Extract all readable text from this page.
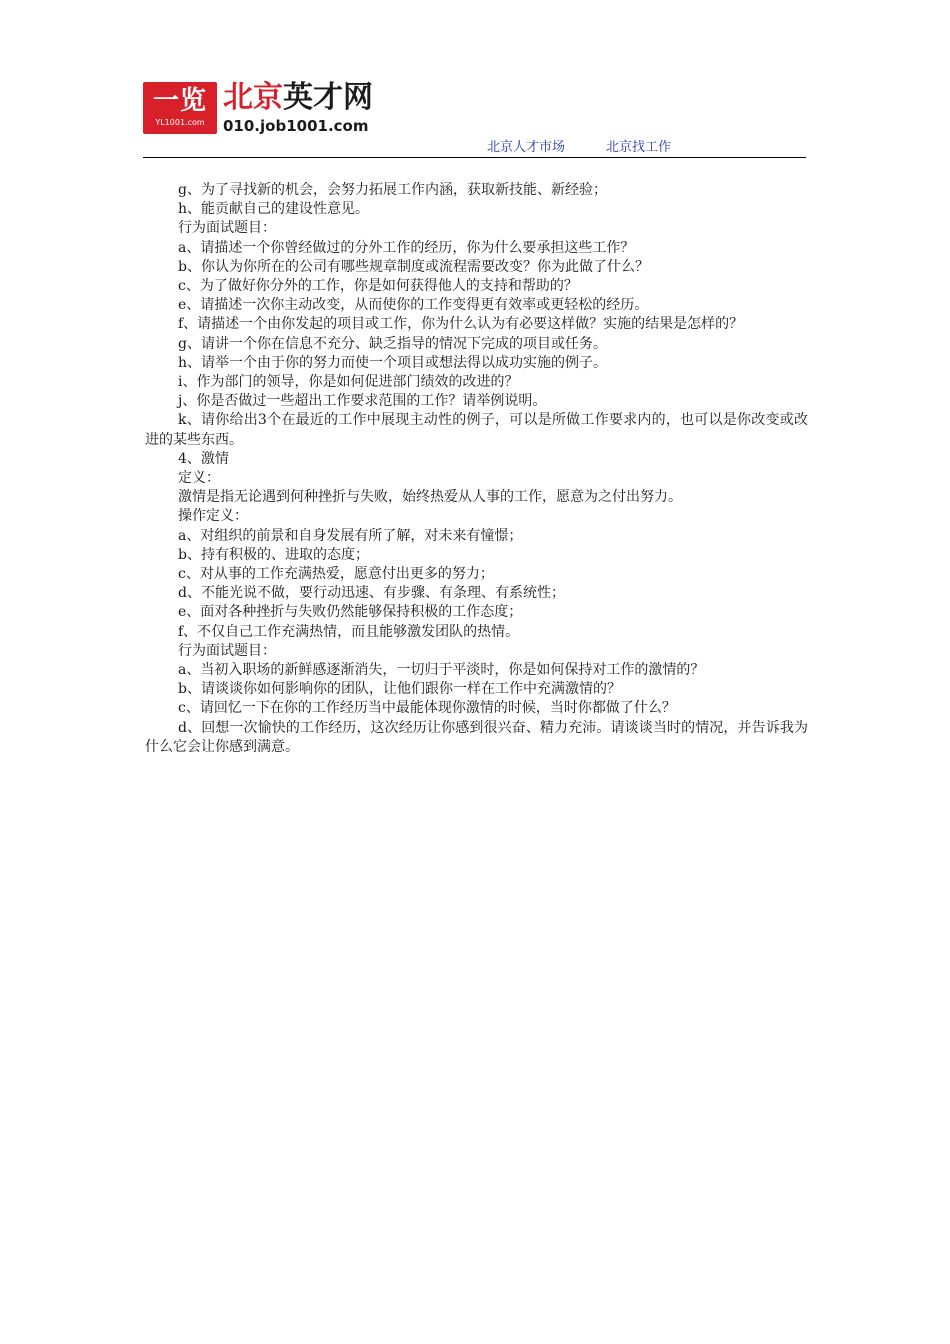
一览
YL1001.com
北京英才网
010.job1001.com
北京人才市场	北京找工作

g、为了寻找新的机会，会努力拓展工作内涵，获取新技能、新经验；

h、能贡献自己的建设性意见。

行为面试题目：

a、请描述一个你曾经做过的分外工作的经历，你为什么要承担这些工作？

b、你认为你所在的公司有哪些规章制度或流程需要改变？你为此做了什么？

c、为了做好你分外的工作，你是如何获得他人的支持和帮助的？

e、请描述一次你主动改变，从而使你的工作变得更有效率或更轻松的经历。

f、请描述一个由你发起的项目或工作，你为什么认为有必要这样做？实施的结果是怎样的？

g、请讲一个你在信息不充分、缺乏指导的情况下完成的项目或任务。

h、请举一个由于你的努力而使一个项目或想法得以成功实施的例子。

i、作为部门的领导，你是如何促进部门绩效的改进的？

j、你是否做过一些超出工作要求范围的工作？请举例说明。

k、请你给出3个在最近的工作中展现主动性的例子，可以是所做工作要求内的，也可以是你改变或改进的某些东西。

4、激情

定义：

激情是指无论遇到何种挫折与失败，始终热爱从人事的工作，愿意为之付出努力。

操作定义：

a、对组织的前景和自身发展有所了解，对未来有憧憬；

b、持有积极的、进取的态度；

c、对从事的工作充满热爱，愿意付出更多的努力；

d、不能光说不做，要行动迅速、有步骤、有条理、有系统性；

e、面对各种挫折与失败仍然能够保持积极的工作态度；

f、不仅自己工作充满热情，而且能够激发团队的热情。

行为面试题目：

a、当初入职场的新鲜感逐渐消失，一切归于平淡时，你是如何保持对工作的激情的？

b、请谈谈你如何影响你的团队，让他们跟你一样在工作中充满激情的？

c、请回忆一下在你的工作经历当中最能体现你激情的时候，当时你都做了什么？

d、回想一次愉快的工作经历，这次经历让你感到很兴奋、精力充沛。请谈谈当时的情况，并告诉我为什么它会让你感到满意。
